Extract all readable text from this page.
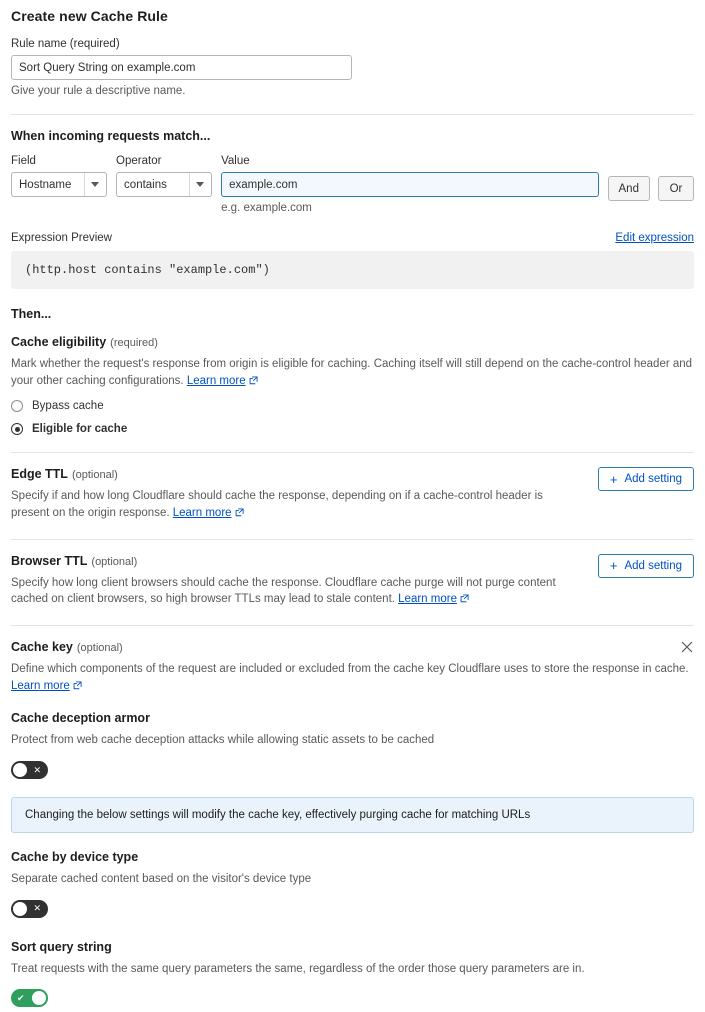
Create new Cache Rule
Rule name (required)
Sort Query String on example.com
Give your rule a descriptive name.
When incoming requests match...
Field
Hostname
Operator
contains
Value
example.com
e.g. example.com
And	Or
Expression Preview	Edit expression
(http.host contains "example.com")
Then...
Cache eligibility (required)
Mark whether the request's response from origin is eligible for caching. Caching itself will still depend on the cache-control header and your other caching configurations. Learn more
Bypass cache
Eligible for cache
Edge TTL (optional)
Specify if and how long Cloudflare should cache the response, depending on if a cache-control header is present on the origin response. Learn more
+ Add setting
Browser TTL (optional)
Specify how long client browsers should cache the response. Cloudflare cache purge will not purge content cached on client browsers, so high browser TTLs may lead to stale content. Learn more
+ Add setting
Cache key (optional)
Define which components of the request are included or excluded from the cache key Cloudflare uses to store the response in cache.
Learn more
Cache deception armor
Protect from web cache deception attacks while allowing static assets to be cached
✕
Changing the below settings will modify the cache key, effectively purging cache for matching URLs
Cache by device type
Separate cached content based on the visitor's device type
✕
Sort query string
Treat requests with the same query parameters the same, regardless of the order those query parameters are in.
✔
